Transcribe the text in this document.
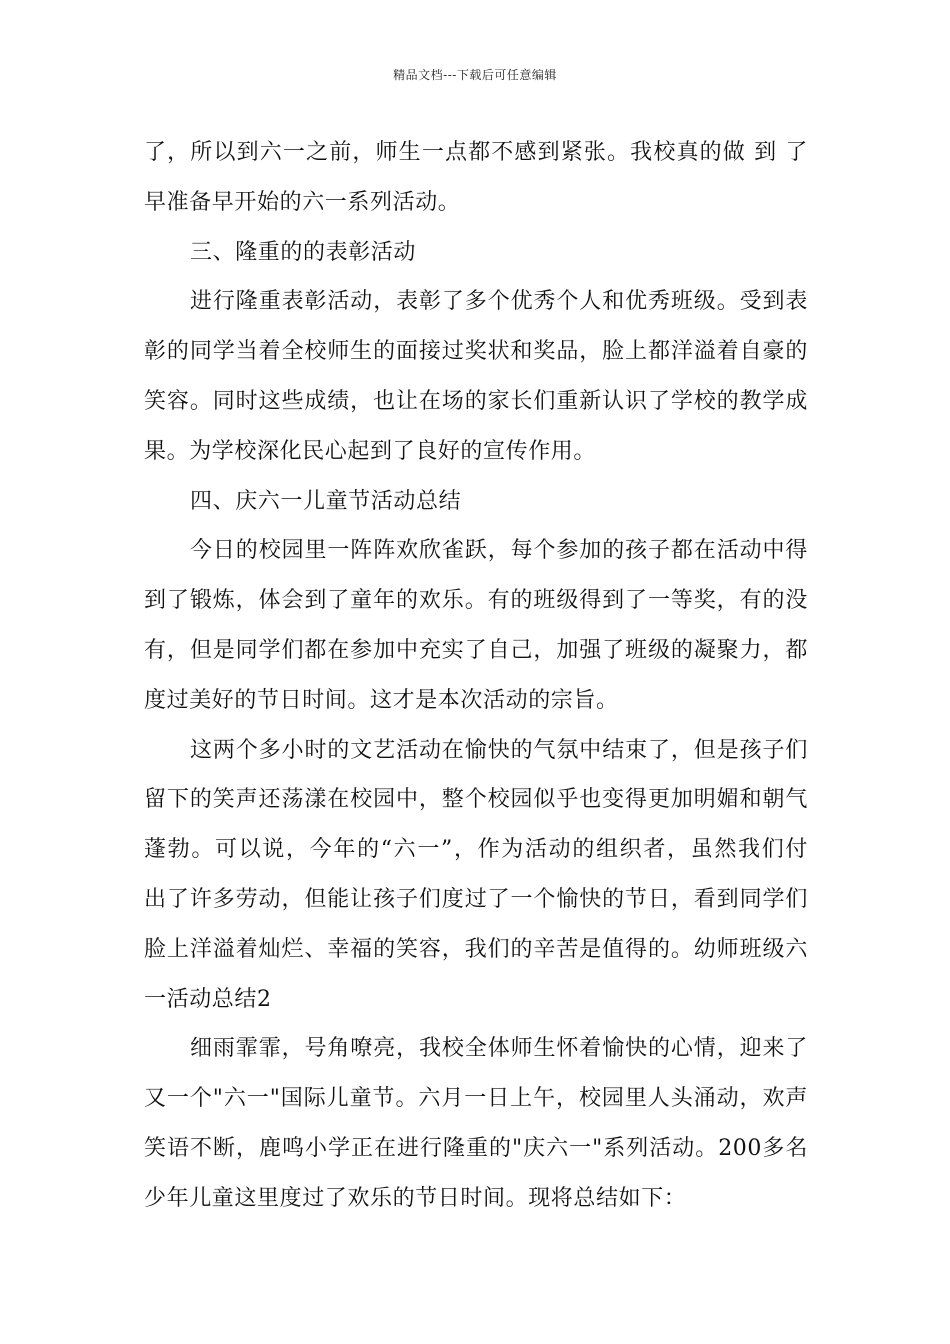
精品文档---下载后可任意编辑
了，所以到六一之前，师生一点都不感到紧张。我校真的做 到 了
早准备早开始的六一系列活动。
三、隆重的的表彰活动
进行隆重表彰活动，表彰了多个优秀个人和优秀班级。受到表
彰的同学当着全校师生的面接过奖状和奖品，脸上都洋溢着自豪的
笑容。同时这些成绩，也让在场的家长们重新认识了学校的教学成
果。为学校深化民心起到了良好的宣传作用。
四、庆六一儿童节活动总结
今日的校园里一阵阵欢欣雀跃，每个参加的孩子都在活动中得
到了锻炼，体会到了童年的欢乐。有的班级得到了一等奖，有的没
有，但是同学们都在参加中充实了自己，加强了班级的凝聚力，都
度过美好的节日时间。这才是本次活动的宗旨。
这两个多小时的文艺活动在愉快的气氛中结束了，但是孩子们
留下的笑声还荡漾在校园中，整个校园似乎也变得更加明媚和朝气
蓬勃。可以说，今年的“六一”，作为活动的组织者，虽然我们付
出了许多劳动，但能让孩子们度过了一个愉快的节日，看到同学们
脸上洋溢着灿烂、幸福的笑容，我们的辛苦是值得的。幼师班级六
一活动总结2
细雨霏霏，号角嘹亮，我校全体师生怀着愉快的心情，迎来了
又一个"六一"国际儿童节。六月一日上午，校园里人头涌动，欢声
笑语不断，鹿鸣小学正在进行隆重的"庆六一"系列活动。200多名
少年儿童这里度过了欢乐的节日时间。现将总结如下：
